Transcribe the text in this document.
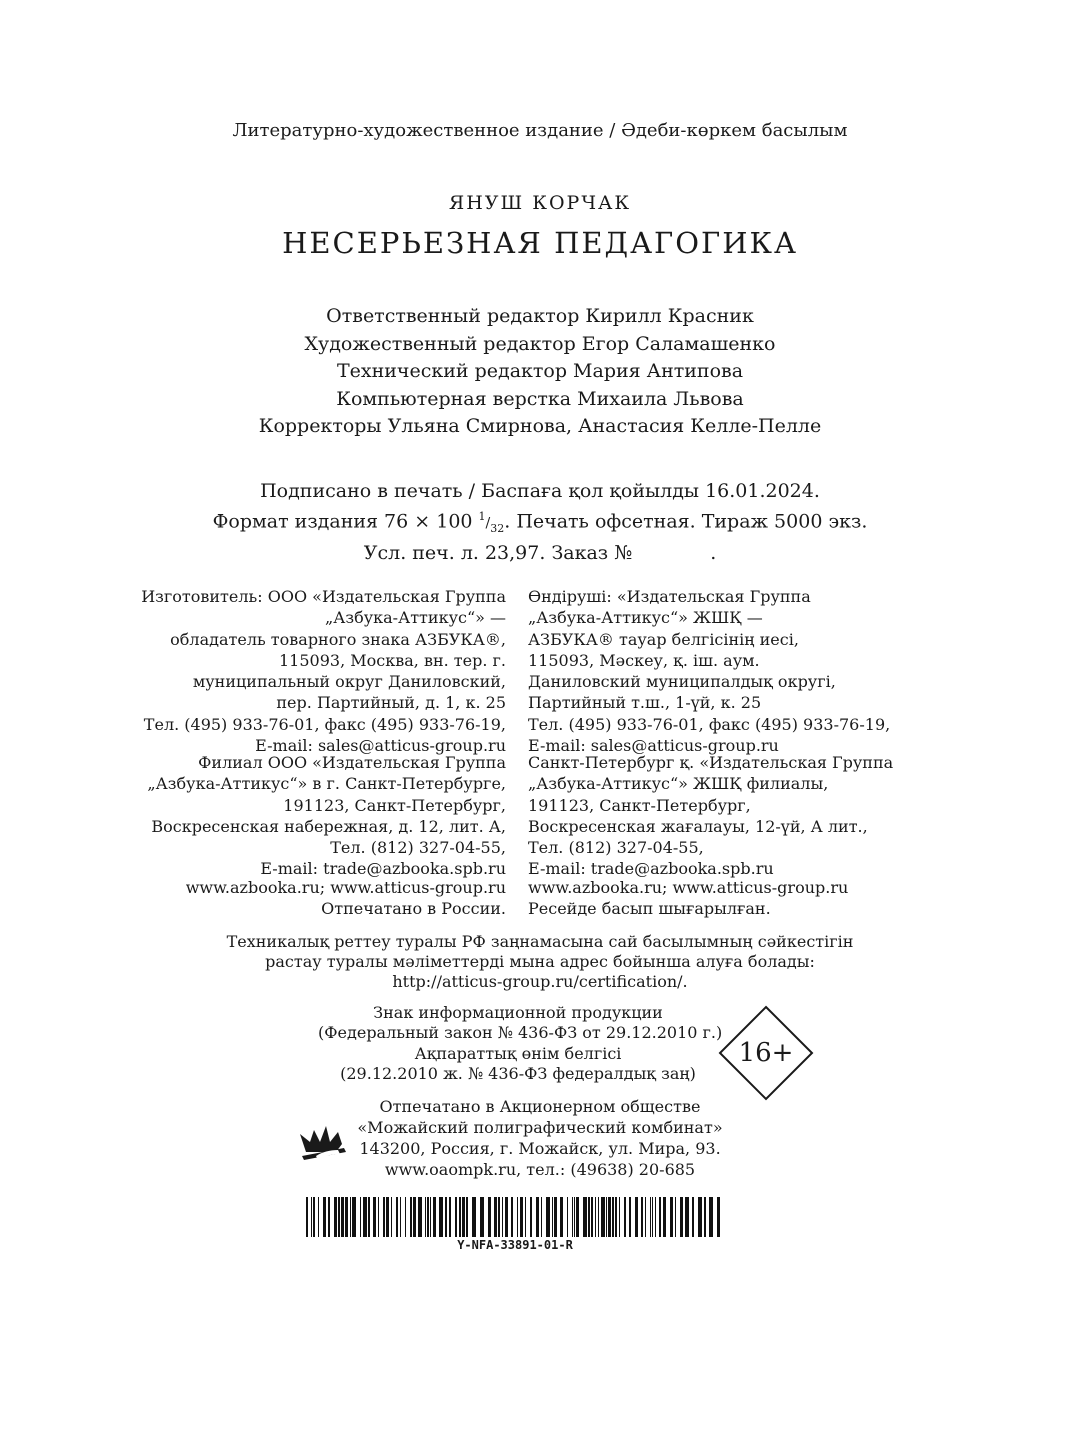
Литературно-художественное издание / Әдеби-көркем басылым
ЯНУШ КОРЧАК
НЕСЕРЬЕЗНАЯ ПЕДАГОГИКА
Ответственный редактор Кирилл Красник
Художественный редактор Егор Саламашенко
Технический редактор Мария Антипова
Компьютерная верстка Михаила Львова
Корректоры Ульяна Смирнова, Анастасия Келле-Пелле
Подписано в печать / Баспаға қол қойылды 16.01.2024.
Формат издания 76 × 100 $^1/_{32}$. Печать офсетная. Тираж 5000 экз.
Усл. печ. л. 23,97. Заказ №	.
Изготовитель: ООО «Издательская Группа
„Азбука-Аттикус“» —
обладатель товарного знака АЗБУКА®,
115093, Москва, вн. тер. г.
муниципальный округ Даниловский,
пер. Партийный, д. 1, к. 25
Тел. (495) 933-76-01, факс (495) 933-76-19,
E-mail: sales@atticus-group.ru
Филиал ООО «Издательская Группа
„Азбука-Аттикус“» в г. Санкт-Петербурге,
191123, Санкт-Петербург,
Воскресенская набережная, д. 12, лит. А,
Тел. (812) 327-04-55,
E-mail: trade@azbooka.spb.ru
www.azbooka.ru; www.atticus-group.ru
Отпечатано в России.
Өндіруші: «Издательская Группа
„Азбука-Аттикус“» ЖШҚ —
АЗБУКА® тауар белгісінің иесі,
115093, Мәскеу, қ. іш. аум.
Даниловский муниципалдық округі,
Партийный т.ш., 1-үй, к. 25
Тел. (495) 933-76-01, факс (495) 933-76-19,
E-mail: sales@atticus-group.ru
Санкт-Петербург қ. «Издательская Группа
„Азбука-Аттикус“» ЖШҚ филиалы,
191123, Санкт-Петербург,
Воскресенская жағалауы, 12-үй, А лит.,
Тел. (812) 327-04-55,
E-mail: trade@azbooka.spb.ru
www.azbooka.ru; www.atticus-group.ru
Ресейде басып шығарылған.
Техникалық реттеу туралы РФ заңнамасына сай басылымның сәйкестігін
растау туралы мәліметтерді мына адрес бойынша алуға болады:
http://atticus-group.ru/certification/.
Знак информационной продукции
(Федеральный закон № 436-ФЗ от 29.12.2010 г.)
Ақпараттық өнім белгісі
(29.12.2010 ж. № 436-ФЗ федералдық заң)
16+
Отпечатано в Акционерном обществе
«Можайский полиграфический комбинат»
143200, Россия, г. Можайск, ул. Мира, 93.
www.oaompk.ru, тел.: (49638) 20-685
Y-NFA-33891-01-R
